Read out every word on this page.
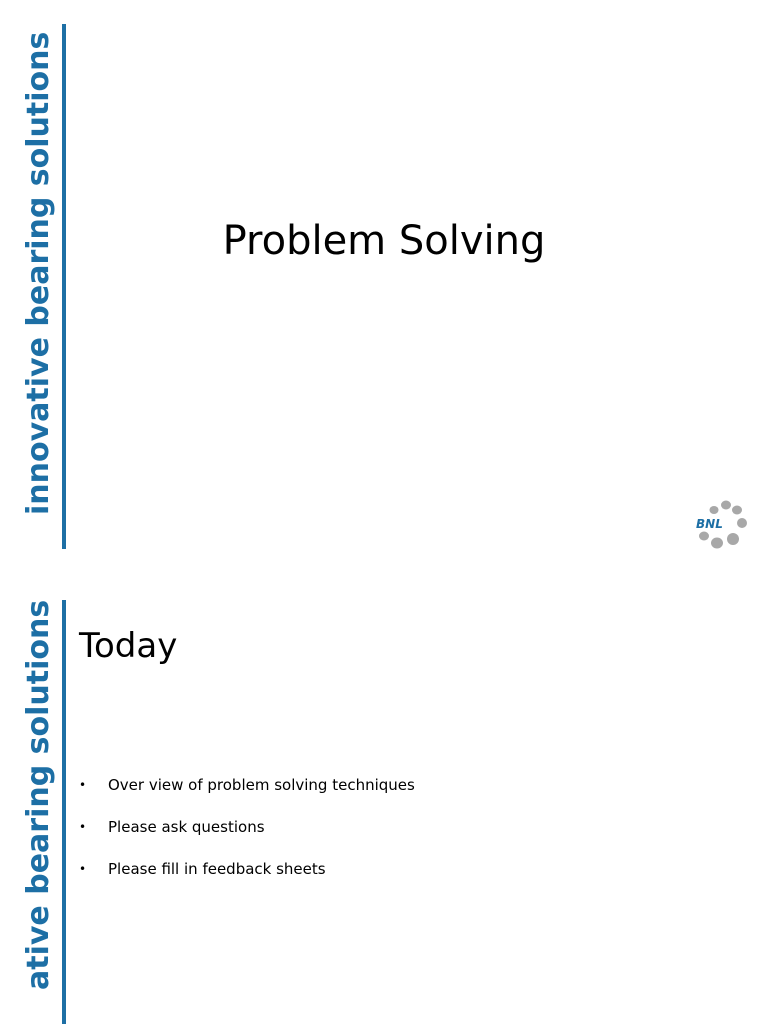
innovative bearing solutions	Problem Solving
BNL
ative bearing solutions Today
• Over view of problem solving techniques
• Please ask questions
• Please fill in feedback sheets
